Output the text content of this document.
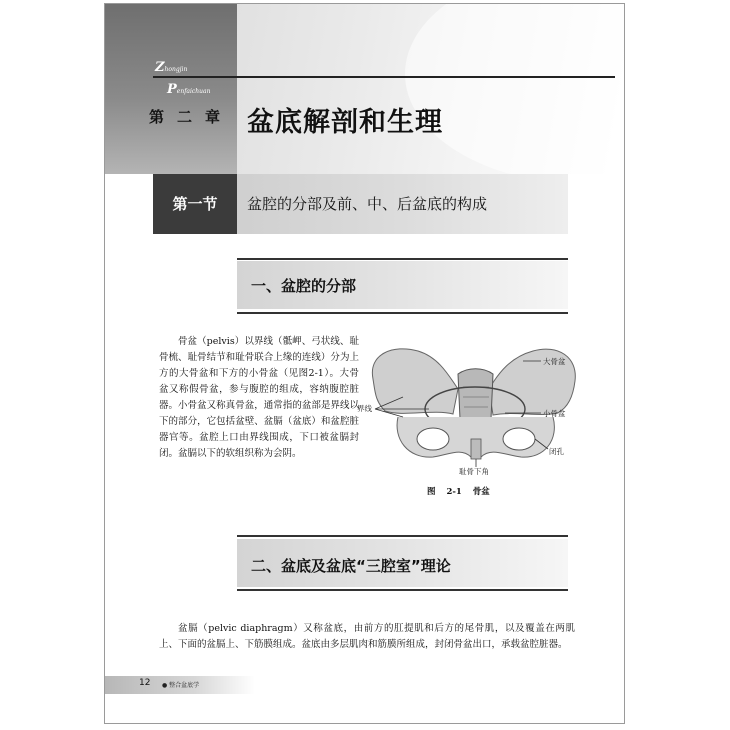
Zhongjin
Penfaichuan
第二章 盆底解剖和生理
第一节	盆腔的分部及前、中、后盆底的构成
一、盆腔的分部

骨盆（pelvis）以界线（骶岬、弓状线、耻骨梳、耻骨结节和耻骨联合上缘的连线）分为上方的大骨盆和下方的小骨盆（见图2-1）。大骨盆又称假骨盆，参与腹腔的组成，容纳腹腔脏器。小骨盆又称真骨盆，通常指的盆部是界线以下的部分，它包括盆壁、盆膈（盆底）和盆腔脏器官等。盆腔上口由界线围成，下口被盆膈封闭。盆膈以下的软组织称为会阴。

大骨盆
小骨盆
界线
闭孔
耻骨下角
图 2-1 骨盆
二、盆底及盆底“三腔室”理论

盆膈（pelvic diaphragm）又称盆底，由前方的肛提肌和后方的尾骨肌，以及覆盖在两肌上、下面的盆膈上、下筋膜组成。盆底由多层肌肉和筋膜所组成，封闭骨盆出口，承载盆腔脏器。

12 ● 整合盆底学
